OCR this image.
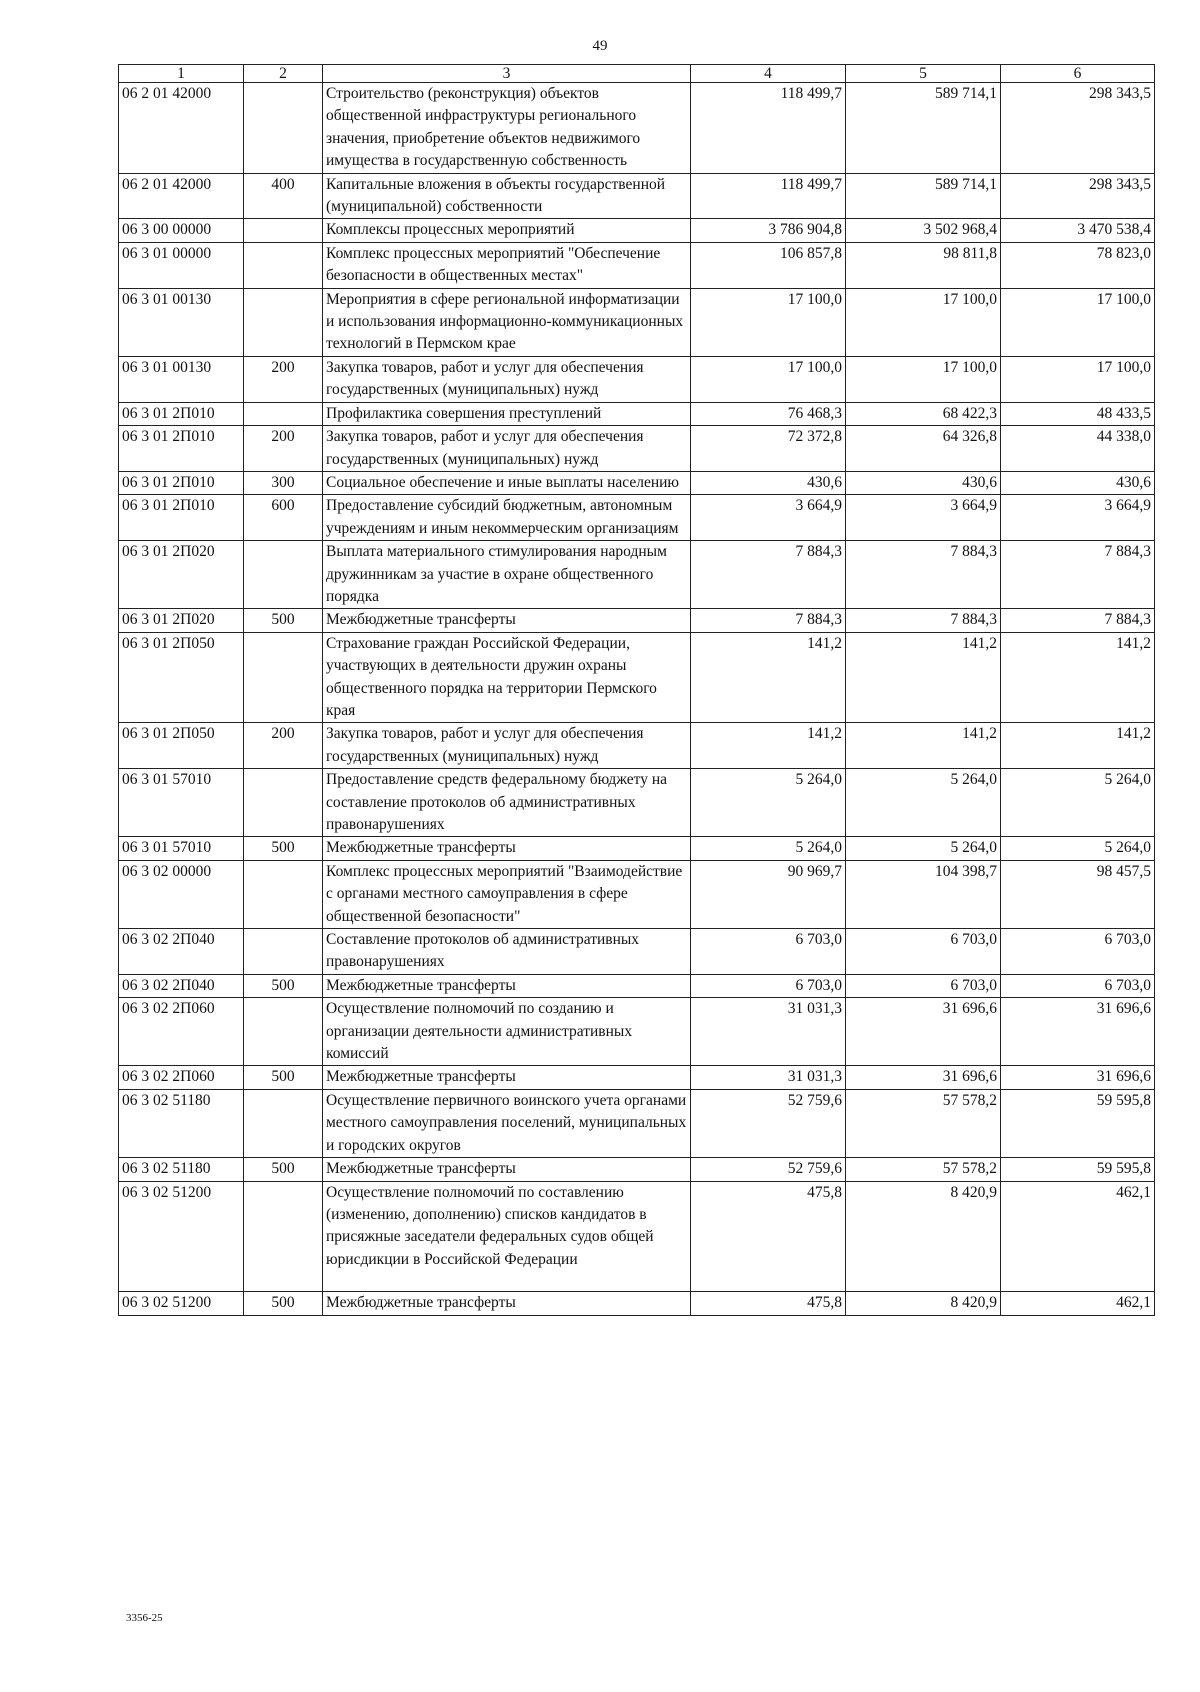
49
1	2	3	4	5	6
06 2 01 42000		Строительство (реконструкция) объектов общественной инфраструктуры регионального значения, приобретение объектов недвижимого имущества в государственную собственность	118 499,7	589 714,1	298 343,5
06 2 01 42000	400	Капитальные вложения в объекты государственной (муниципальной) собственности	118 499,7	589 714,1	298 343,5
06 3 00 00000		Комплексы процессных мероприятий	3 786 904,8	3 502 968,4	3 470 538,4
06 3 01 00000		Комплекс процессных мероприятий "Обеспечение безопасности в общественных местах"	106 857,8	98 811,8	78 823,0
06 3 01 00130		Мероприятия в сфере региональной информатизации и использования информационно-коммуникационных технологий в Пермском крае	17 100,0	17 100,0	17 100,0
06 3 01 00130	200	Закупка товаров, работ и услуг для обеспечения государственных (муниципальных) нужд	17 100,0	17 100,0	17 100,0
06 3 01 2П010		Профилактика совершения преступлений	76 468,3	68 422,3	48 433,5
06 3 01 2П010	200	Закупка товаров, работ и услуг для обеспечения государственных (муниципальных) нужд	72 372,8	64 326,8	44 338,0
06 3 01 2П010	300	Социальное обеспечение и иные выплаты населению	430,6	430,6	430,6
06 3 01 2П010	600	Предоставление субсидий бюджетным, автономным учреждениям и иным некоммерческим организациям	3 664,9	3 664,9	3 664,9
06 3 01 2П020		Выплата материального стимулирования народным дружинникам за участие в охране общественного порядка	7 884,3	7 884,3	7 884,3
06 3 01 2П020	500	Межбюджетные трансферты	7 884,3	7 884,3	7 884,3
06 3 01 2П050		Страхование граждан Российской Федерации, участвующих в деятельности дружин охраны общественного порядка на территории Пермского края	141,2	141,2	141,2
06 3 01 2П050	200	Закупка товаров, работ и услуг для обеспечения государственных (муниципальных) нужд	141,2	141,2	141,2
06 3 01 57010		Предоставление средств федеральному бюджету на составление протоколов об административных правонарушениях	5 264,0	5 264,0	5 264,0
06 3 01 57010	500	Межбюджетные трансферты	5 264,0	5 264,0	5 264,0
06 3 02 00000		Комплекс процессных мероприятий "Взаимодействие с органами местного самоуправления в сфере общественной безопасности"	90 969,7	104 398,7	98 457,5
06 3 02 2П040		Составление протоколов об административных правонарушениях	6 703,0	6 703,0	6 703,0
06 3 02 2П040	500	Межбюджетные трансферты	6 703,0	6 703,0	6 703,0
06 3 02 2П060		Осуществление полномочий по созданию и организации деятельности административных комиссий	31 031,3	31 696,6	31 696,6
06 3 02 2П060	500	Межбюджетные трансферты	31 031,3	31 696,6	31 696,6
06 3 02 51180		Осуществление первичного воинского учета органами местного самоуправления поселений, муниципальных и городских округов	52 759,6	57 578,2	59 595,8
06 3 02 51180	500	Межбюджетные трансферты	52 759,6	57 578,2	59 595,8
06 3 02 51200		Осуществление полномочий по составлению (изменению, дополнению) списков кандидатов в присяжные заседатели федеральных судов общей юрисдикции в Российской Федерации	475,8	8 420,9	462,1
06 3 02 51200	500	Межбюджетные трансферты	475,8	8 420,9	462,1
3356-25
